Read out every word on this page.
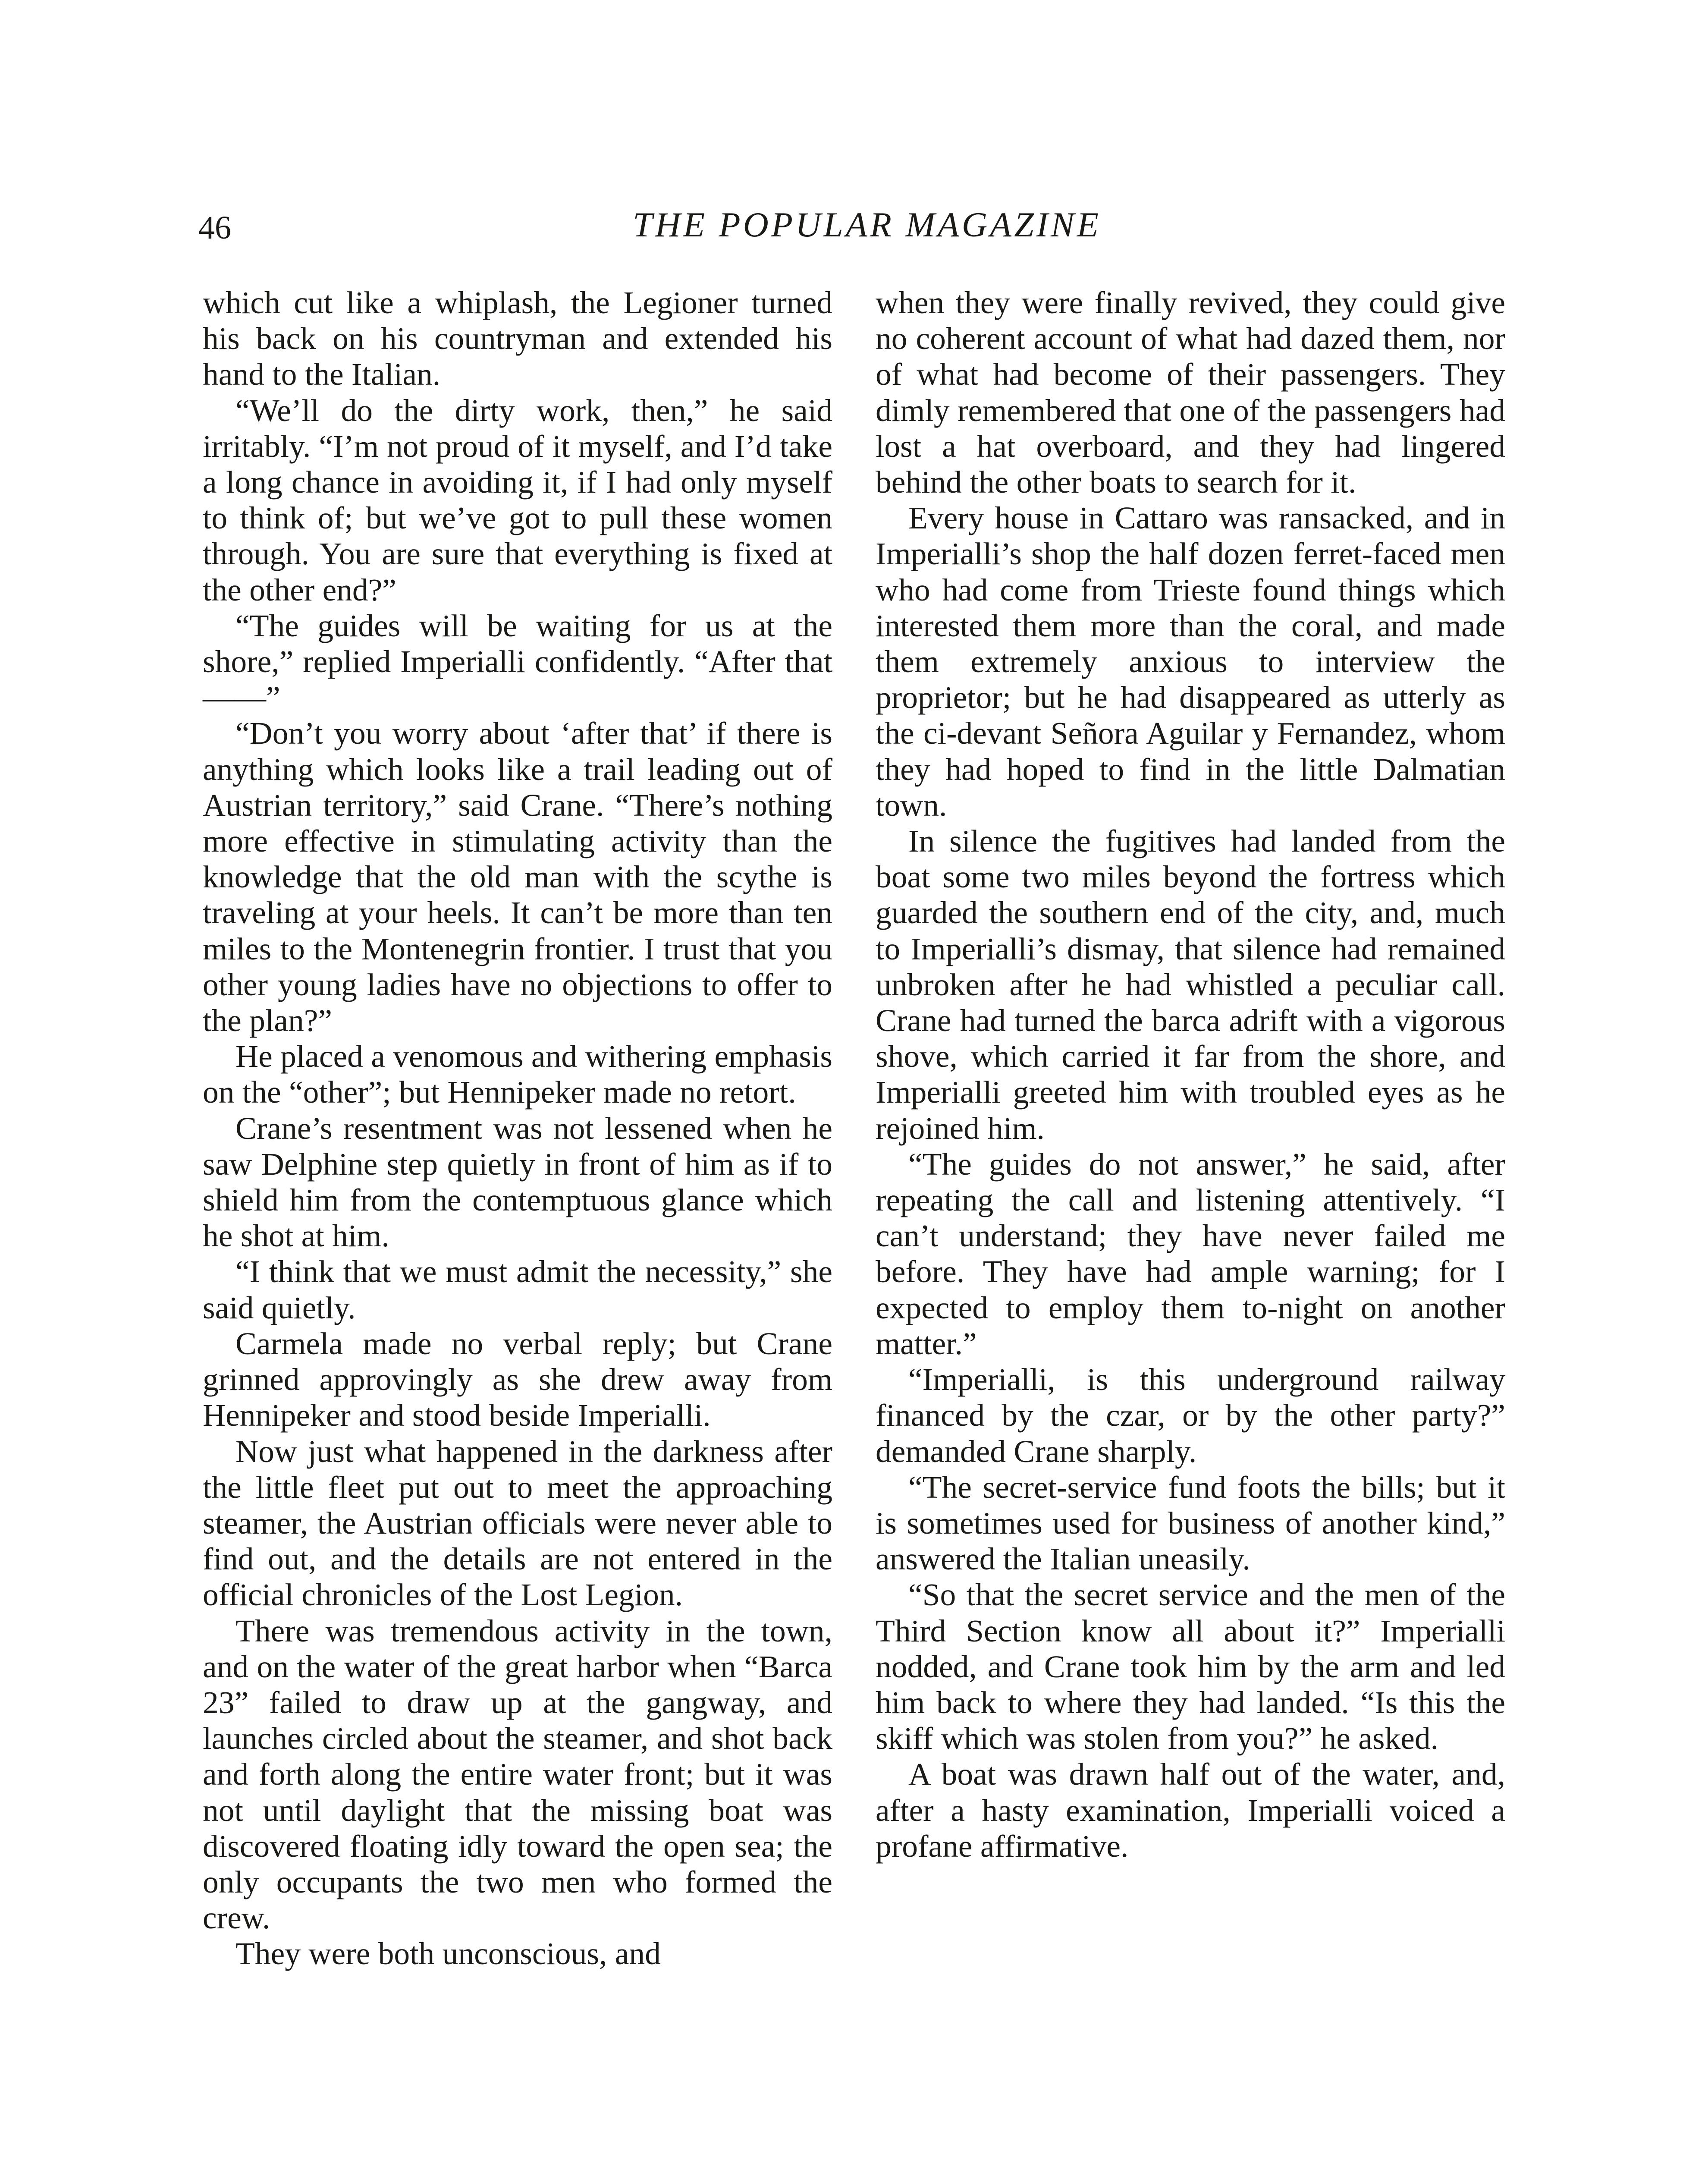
46	THE POPULAR MAGAZINE

which cut like a whiplash, the Legioner turned his back on his countryman and extended his hand to the Italian.

“We’ll do the dirty work, then,” he said irritably. “I’m not proud of it myself, and I’d take a long chance in avoiding it, if I had only myself to think of; but we’ve got to pull these women through. You are sure that everything is fixed at the other end?”

“The guides will be waiting for us at the shore,” replied Imperialli confidently. “After that——”

“Don’t you worry about ‘after that’ if there is anything which looks like a trail leading out of Austrian territory,” said Crane. “There’s nothing more effective in stimulating activity than the knowledge that the old man with the scythe is traveling at your heels. It can’t be more than ten miles to the Montenegrin frontier. I trust that you other young ladies have no objections to offer to the plan?”

He placed a venomous and withering emphasis on the “other”; but Hennipeker made no retort.

Crane’s resentment was not lessened when he saw Delphine step quietly in front of him as if to shield him from the contemptuous glance which he shot at him.

“I think that we must admit the necessity,” she said quietly.

Carmela made no verbal reply; but Crane grinned approvingly as she drew away from Hennipeker and stood beside Imperialli.

Now just what happened in the darkness after the little fleet put out to meet the approaching steamer, the Austrian officials were never able to find out, and the details are not entered in the official chronicles of the Lost Legion.

There was tremendous activity in the town, and on the water of the great harbor when “Barca 23” failed to draw up at the gangway, and launches circled about the steamer, and shot back and forth along the entire water front; but it was not until daylight that the missing boat was discovered floating idly toward the open sea; the only occupants the two men who formed the crew.

They were both unconscious, and

when they were finally revived, they could give no coherent account of what had dazed them, nor of what had become of their passengers. They dimly remembered that one of the passengers had lost a hat overboard, and they had lingered behind the other boats to search for it.

Every house in Cattaro was ransacked, and in Imperialli’s shop the half dozen ferret-faced men who had come from Trieste found things which interested them more than the coral, and made them extremely anxious to interview the proprietor; but he had disappeared as utterly as the ci-devant Señora Aguilar y Fernandez, whom they had hoped to find in the little Dalmatian town.

In silence the fugitives had landed from the boat some two miles beyond the fortress which guarded the southern end of the city, and, much to Imperialli’s dismay, that silence had remained unbroken after he had whistled a peculiar call. Crane had turned the barca adrift with a vigorous shove, which carried it far from the shore, and Imperialli greeted him with troubled eyes as he rejoined him.

“The guides do not answer,” he said, after repeating the call and listening attentively. “I can’t understand; they have never failed me before. They have had ample warning; for I expected to employ them to-night on another matter.”

“Imperialli, is this underground railway financed by the czar, or by the other party?” demanded Crane sharply.

“The secret-service fund foots the bills; but it is sometimes used for business of another kind,” answered the Italian uneasily.

“So that the secret service and the men of the Third Section know all about it?” Imperialli nodded, and Crane took him by the arm and led him back to where they had landed. “Is this the skiff which was stolen from you?” he asked.

A boat was drawn half out of the water, and, after a hasty examination, Imperialli voiced a profane affirmative.
